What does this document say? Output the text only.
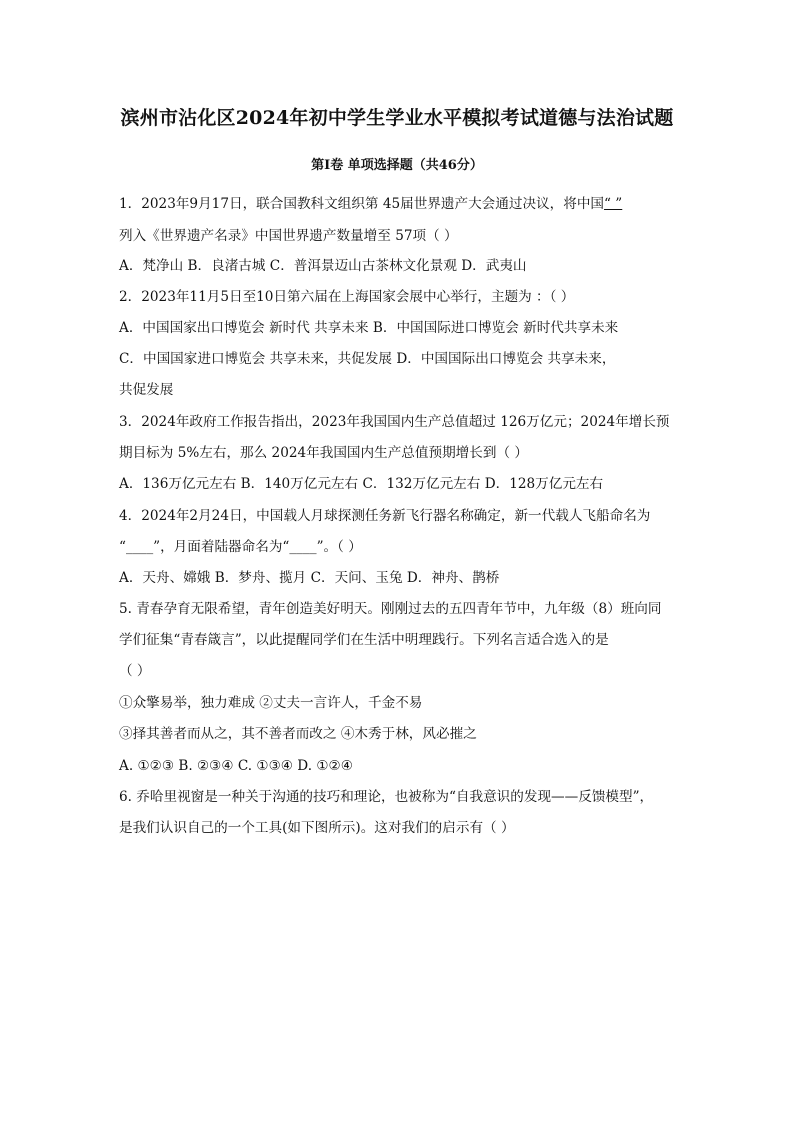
滨州市沾化区2024年初中学生学业水平模拟考试道德与法治试题
第Ⅰ卷 单项选择题（共46分）
1．2023年9月17日，联合国教科文组织第 45届世界遗产大会通过决议，将中国“ ”
列入《世界遗产名录》中国世界遗产数量增至 57项（ ）
A．梵净山 B．良渚古城 C．普洱景迈山古茶林文化景观 D．武夷山
2．2023年11月5日至10日第六届在上海国家会展中心举行，主题为 ：（ ）
A．中国国家出口博览会 新时代 共享未来 B．中国国际进口博览会 新时代共享未来
C．中国国家进口博览会 共享未来，共促发展 D．中国国际出口博览会 共享未来，
共促发展
3．2024年政府工作报告指出，2023年我国国内生产总值超过 126万亿元；2024年增长预
期目标为 5%左右，那么 2024年我国国内生产总值预期增长到（ ）
A．136万亿元左右 B．140万亿元左右 C．132万亿元左右 D．128万亿元左右
4．2024年2月24日，中国载人月球探测任务新飞行器名称确定，新一代载人飞船命名为
“____”，月面着陆器命名为“____”。（ ）
A．天舟、嫦娥 B．梦舟、揽月 C．天问、玉兔 D．神舟、鹊桥
5. 青春孕育无限希望，青年创造美好明天。刚刚过去的五四青年节中，九年级（8）班向同
学们征集“青春箴言”，以此提醒同学们在生活中明理践行。下列名言适合选入的是
（ ）
①众擎易举，独力难成 ②丈夫一言许人，千金不易
③择其善者而从之，其不善者而改之 ④木秀于林，风必摧之
A. ①②③ B. ②③④ C. ①③④ D. ①②④
6. 乔哈里视窗是一种关于沟通的技巧和理论，也被称为“自我意识的发现——反馈模型”，
是我们认识自己的一个工具(如下图所示)。这对我们的启示有（ ）
